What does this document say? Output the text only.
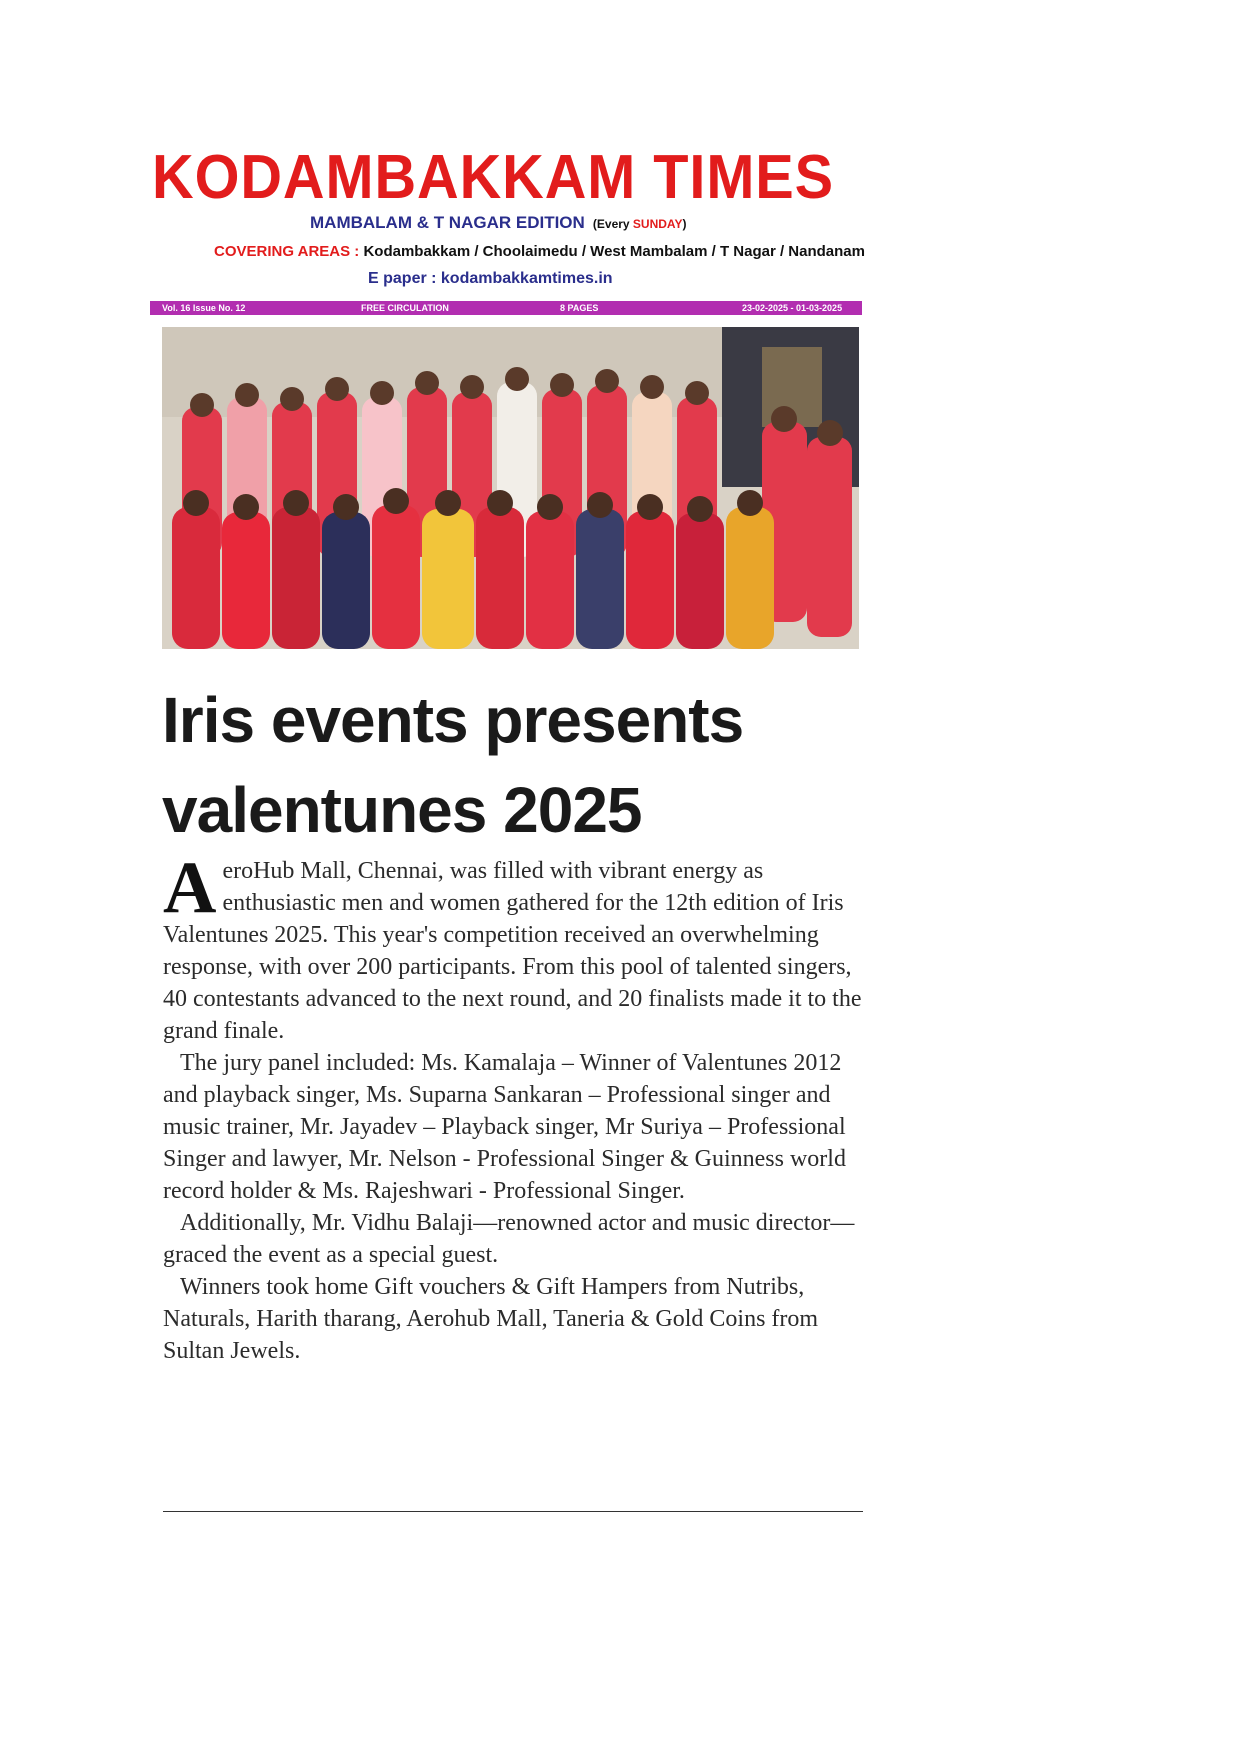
KODAMBAKKAM TIMES
MAMBALAM & T NAGAR EDITION (Every SUNDAY)
COVERING AREAS : Kodambakkam / Choolaimedu / West Mambalam / T Nagar / Nandanam
E paper : kodambakkamtimes.in
Vol. 16 Issue No. 12	FREE CIRCULATION	8 PAGES	23-02-2025 - 01-03-2025
Iris events presents
valentunes 2025

AeroHub Mall, Chennai, was filled with vibrant energy as enthusiastic men and women gathered for the 12th edition of Iris Valentunes 2025. This year's competition received an overwhelming response, with over 200 participants. From this pool of talented singers, 40 contestants advanced to the next round, and 20 finalists made it to the grand finale.

The jury panel included: Ms. Kamalaja – Winner of Valentunes 2012 and playback singer, Ms. Suparna Sankaran – Professional singer and music trainer, Mr. Jayadev – Playback singer, Mr Suriya – Professional Singer and lawyer, Mr. Nelson - Professional Singer & Guinness world record holder & Ms. Rajeshwari - Professional Singer.

Additionally, Mr. Vidhu Balaji—renowned actor and music director—graced the event as a special guest.

Winners took home Gift vouchers & Gift Hampers from Nutribs, Naturals, Harith tharang, Aerohub Mall, Taneria & Gold Coins from Sultan Jewels.
